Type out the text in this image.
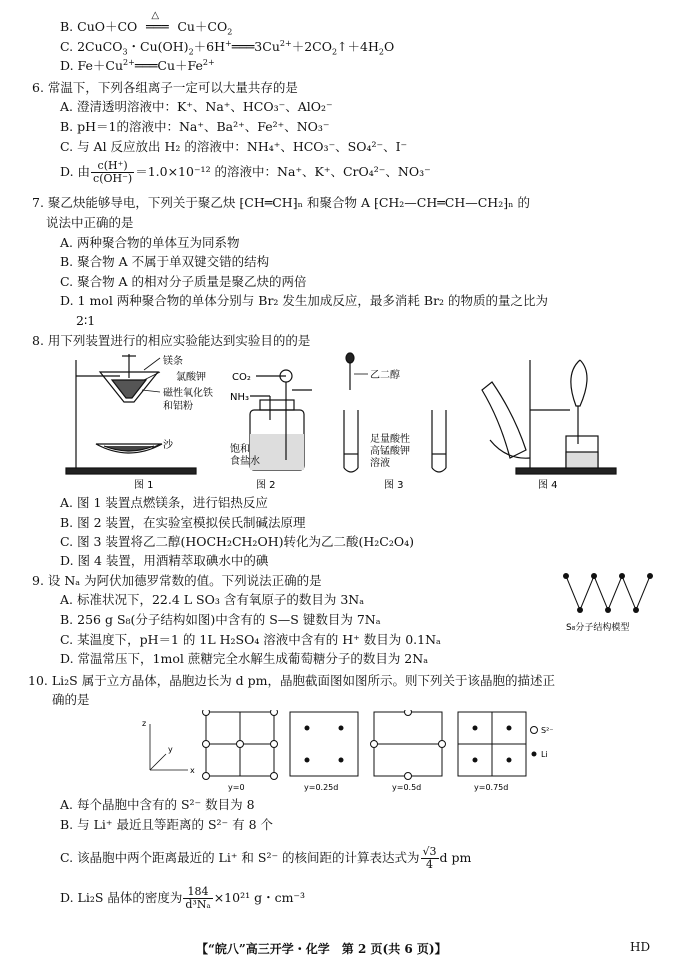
B. CuO＋CO
△
═══ $Cu+CO_2$
C. 2CuCO$_3$・$Cu(OH)_2+6H^+═══3Cu^{2+}+2CO_2↑+4H_2O$
D. $Fe+Cu^{2+}═══Cu+Fe^{2+}$
6. 常温下，下列各组离子一定可以大量共存的是
A. 澄清透明溶液中：K⁺、Na⁺、HCO₃⁻、AlO₂⁻
B. pH＝1的溶液中：Na⁺、Ba²⁺、Fe²⁺、NO₃⁻
C. 与 Al 反应放出 H₂ 的溶液中：NH₄⁺、HCO₃⁻、SO₄²⁻、I⁻
D. 由 $\frac{c(H^+)}{c(OH^-)} =1.0\times 10^{-12}$ 的溶液中：Na⁺、K⁺、CrO₄²⁻、NO₃⁻
7. 聚乙炔能够导电，下列关于聚乙炔 ⁅CH═CH⁆ₙ 和聚合物 A ⁅CH₂—CH═CH—CH₂⁆ₙ 的
说法中正确的是
A. 两种聚合物的单体互为同系物
B. 聚合物 A 不属于单双键交错的结构
C. 聚合物 A 的相对分子质量是聚乙炔的两倍
D. 1 mol 两种聚合物的单体分别与 Br₂ 发生加成反应，最多消耗 Br₂ 的物质的量之比为
2∶1
8. 用下列装置进行的相应实验能达到实验目的的是
镁条
氯酸钾
磁性氧化铁
和铝粉
沙
图 1
CO₂
NH₃
饱和
食盐水
图 2
乙二醇
足量酸性
高锰酸钾
溶液
图 3	图 4
A. 图 1 装置点燃镁条，进行铝热反应
B. 图 2 装置，在实验室模拟侯氏制碱法原理
C. 图 3 装置将乙二醇(HOCH₂CH₂OH)转化为乙二酸(H₂C₂O₄)
D. 图 4 装置，用酒精萃取碘水中的碘
9. 设 Nₐ 为阿伏加德罗常数的值。下列说法正确的是
A. 标准状况下，22.4 L SO₃ 含有氧原子的数目为 3Nₐ
B. 256 g S₈(分子结构如图)中含有的 S—S 键数目为 7Nₐ
C. 某温度下，pH＝1 的 1L H₂SO₄ 溶液中含有的 H⁺ 数目为 0.1Nₐ
D. 常温常压下，1mol 蔗糖完全水解生成葡萄糖分子的数目为 2Nₐ
S₈分子结构模型
10. Li₂S 属于立方晶体，晶胞边长为 d pm，晶胞截面图如图所示。则下列关于该晶胞的描述正
确的是
z
y
x
y=0	y=0.25d	y=0.5d	y=0.75d
S²⁻
Li
A. 每个晶胞中含有的 S²⁻ 数目为 8
B. 与 Li⁺ 最近且等距离的 S²⁻ 有 8 个
C. 该晶胞中两个距离最近的 Li⁺ 和 S²⁻ 的核间距的计算表达式为 $\frac{√3}{4}$ d pm
D. Li₂S 晶体的密度为 $\frac{184}{\text{d³Nₐ}} \times 10^{21}$ g・cm⁻³
【“皖八”高三开学・化学　第 2 页(共 6 页)】	HD
